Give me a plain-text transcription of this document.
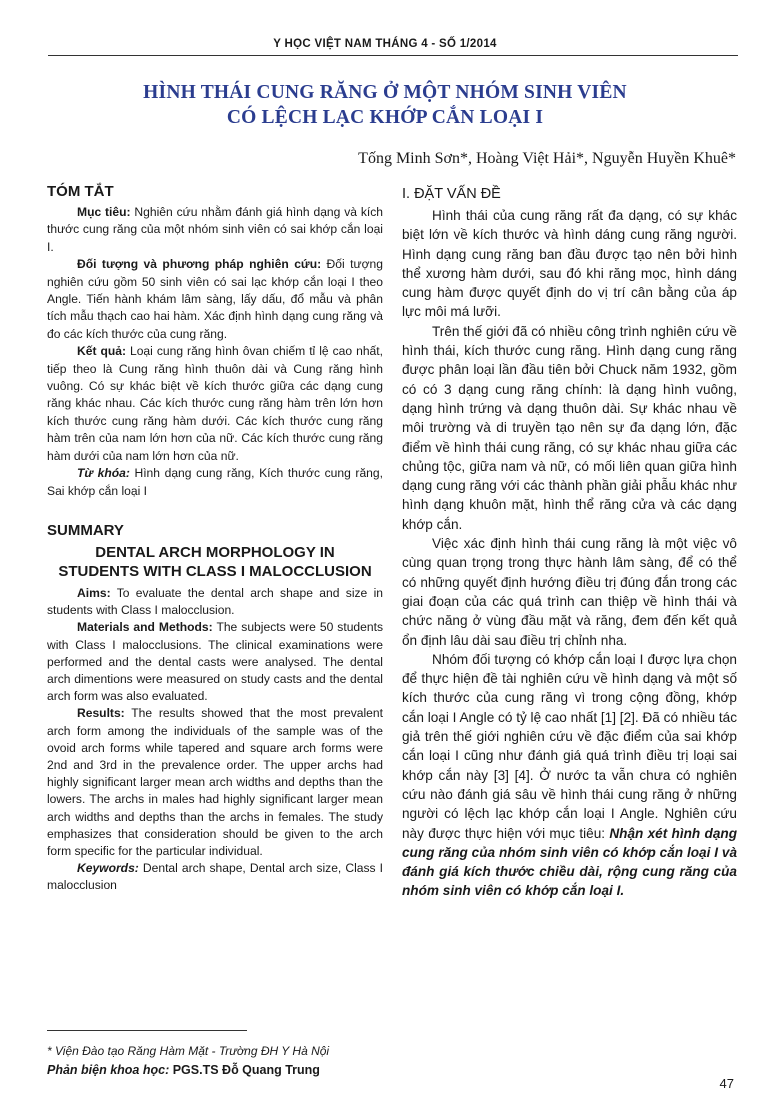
Y HỌC VIỆT NAM THÁNG 4 - SỐ 1/2014
HÌNH THÁI CUNG RĂNG Ở MỘT NHÓM SINH VIÊN
CÓ LỆCH LẠC KHỚP CẮN LOẠI I
Tống Minh Sơn*, Hoàng Việt Hải*, Nguyễn Huyền Khuê*
TÓM TẮT

Mục tiêu: Nghiên cứu nhằm đánh giá hình dạng và kích thước cung răng của một nhóm sinh viên có sai khớp cắn loại I.

Đối tượng và phương pháp nghiên cứu: Đối tượng nghiên cứu gồm 50 sinh viên có sai lạc khớp cắn loại I theo Angle. Tiến hành khám lâm sàng, lấy dấu, đổ mẫu và phân tích mẫu thạch cao hai hàm. Xác định hình dạng cung răng và đo các kích thước của cung răng.

Kết quả: Loại cung răng hình ôvan chiếm tỉ lệ cao nhất, tiếp theo là Cung răng hình thuôn dài và Cung răng hình vuông. Có sự khác biệt về kích thước giữa các dạng cung răng khác nhau. Các kích thước cung răng hàm trên lớn hơn kích thước cung răng hàm dưới. Các kích thước cung răng hàm trên của nam lớn hơn của nữ. Các kích thước cung răng hàm dưới của nam lớn hơn của nữ.

Từ khóa: Hình dạng cung răng, Kích thước cung răng, Sai khớp cắn loại I

SUMMARY
DENTAL ARCH MORPHOLOGY IN
STUDENTS WITH CLASS I MALOCCLUSION

Aims: To evaluate the dental arch shape and size in students with Class I malocclusion.

Materials and Methods: The subjects were 50 students with Class I malocclusions. The clinical examinations were performed and the dental casts were analysed. The dental arch dimentions were measured on study casts and the dental arch form was also evaluated.

Results: The results showed that the most prevalent arch form among the individuals of the sample was of the ovoid arch forms while tapered and square arch forms were 2nd and 3rd in the prevalence order. The upper archs had highly significant larger mean arch widths and depths than the lowers. The archs in males had highly significant larger mean arch widths and depths than the archs in females. The study emphasizes that consideration should be given to the arch form specific for the particular individual.

Keywords: Dental arch shape, Dental arch size, Class I malocclusion

I. ĐẶT VẤN ĐỀ

Hình thái của cung răng rất đa dạng, có sự khác biệt lớn về kích thước và hình dáng cung răng người. Hình dạng cung răng ban đầu được tạo nên bởi hình thể xương hàm dưới, sau đó khi răng mọc, hình dáng cung hàm được quyết định do vị trí cân bằng của áp lực môi má lưỡi.

Trên thế giới đã có nhiều công trình nghiên cứu về hình thái, kích thước cung răng. Hình dạng cung răng được phân loại lần đầu tiên bởi Chuck năm 1932, gồm có có 3 dạng cung răng chính: là dạng hình vuông, dạng hình trứng và dạng thuôn dài. Sự khác nhau về môi trường và di truyền tạo nên sự đa dạng lớn, đặc điểm về hình thái cung răng, có sự khác nhau giữa các chủng tộc, giữa nam và nữ, có mối liên quan giữa hình dạng cung răng với các thành phần giải phẫu khác như hình dạng khuôn mặt, hình thể răng cửa và các dạng khớp cắn.

Việc xác định hình thái cung răng là một việc vô cùng quan trọng trong thực hành lâm sàng, để có thể có những quyết định hướng điều trị đúng đắn trong các giai đoạn của các quá trình can thiệp về hình thái và chức năng ở vùng đầu mặt và răng, đem đến kết quả ổn định lâu dài sau điều trị chỉnh nha.

Nhóm đối tượng có khớp cắn loại I được lựa chọn để thực hiện đề tài nghiên cứu về hình dạng và một số kích thước của cung răng vì trong cộng đồng, khớp cắn loại I Angle có tỷ lệ cao nhất [1] [2]. Đã có nhiều tác giả trên thế giới nghiên cứu về đặc điểm của sai khớp cắn loại I cũng như đánh giá quá trình điều trị loại sai khớp cắn này [3] [4]. Ở nước ta vẫn chưa có nghiên cứu nào đánh giá sâu về hình thái cung răng ở những người có lệch lạc khớp cắn loại I Angle. Nghiên cứu này được thực hiện với mục tiêu: Nhận xét hình dạng cung răng của nhóm sinh viên có khớp cắn loại I và đánh giá kích thước chiều dài, rộng cung răng của nhóm sinh viên có khớp cắn loại I.

* Viện Đào tạo Răng Hàm Mặt - Trường ĐH Y Hà Nội
Phản biện khoa học: PGS.TS Đỗ Quang Trung
47
